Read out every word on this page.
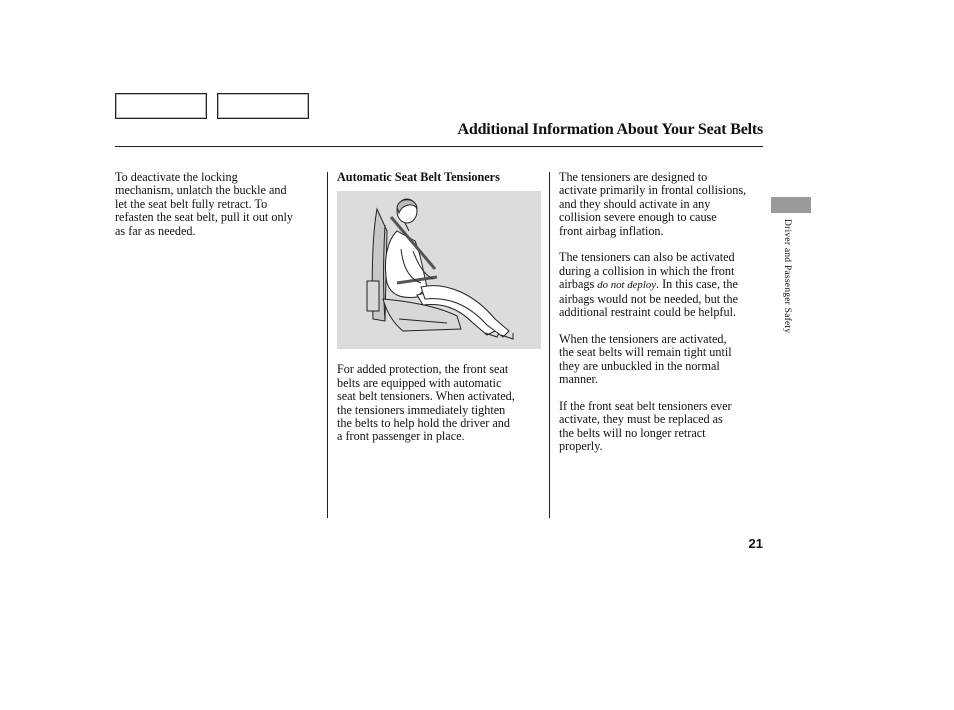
Additional Information About Your Seat Belts

To deactivate the locking
mechanism, unlatch the buckle and
let the seat belt fully retract. To
refasten the seat belt, pull it out only
as far as needed.

Automatic Seat Belt Tensioners

For added protection, the front seat
belts are equipped with automatic
seat belt tensioners. When activated,
the tensioners immediately tighten
the belts to help hold the driver and
a front passenger in place.

The tensioners are designed to
activate primarily in frontal collisions,
and they should activate in any
collision severe enough to cause
front airbag inflation.

The tensioners can also be activated
during a collision in which the front
airbags do not deploy. In this case, the
airbags would not be needed, but the
additional restraint could be helpful.

When the tensioners are activated,
the seat belts will remain tight until
they are unbuckled in the normal
manner.

If the front seat belt tensioners ever
activate, they must be replaced as
the belts will no longer retract
properly.

Driver and Passenger Safety
21
